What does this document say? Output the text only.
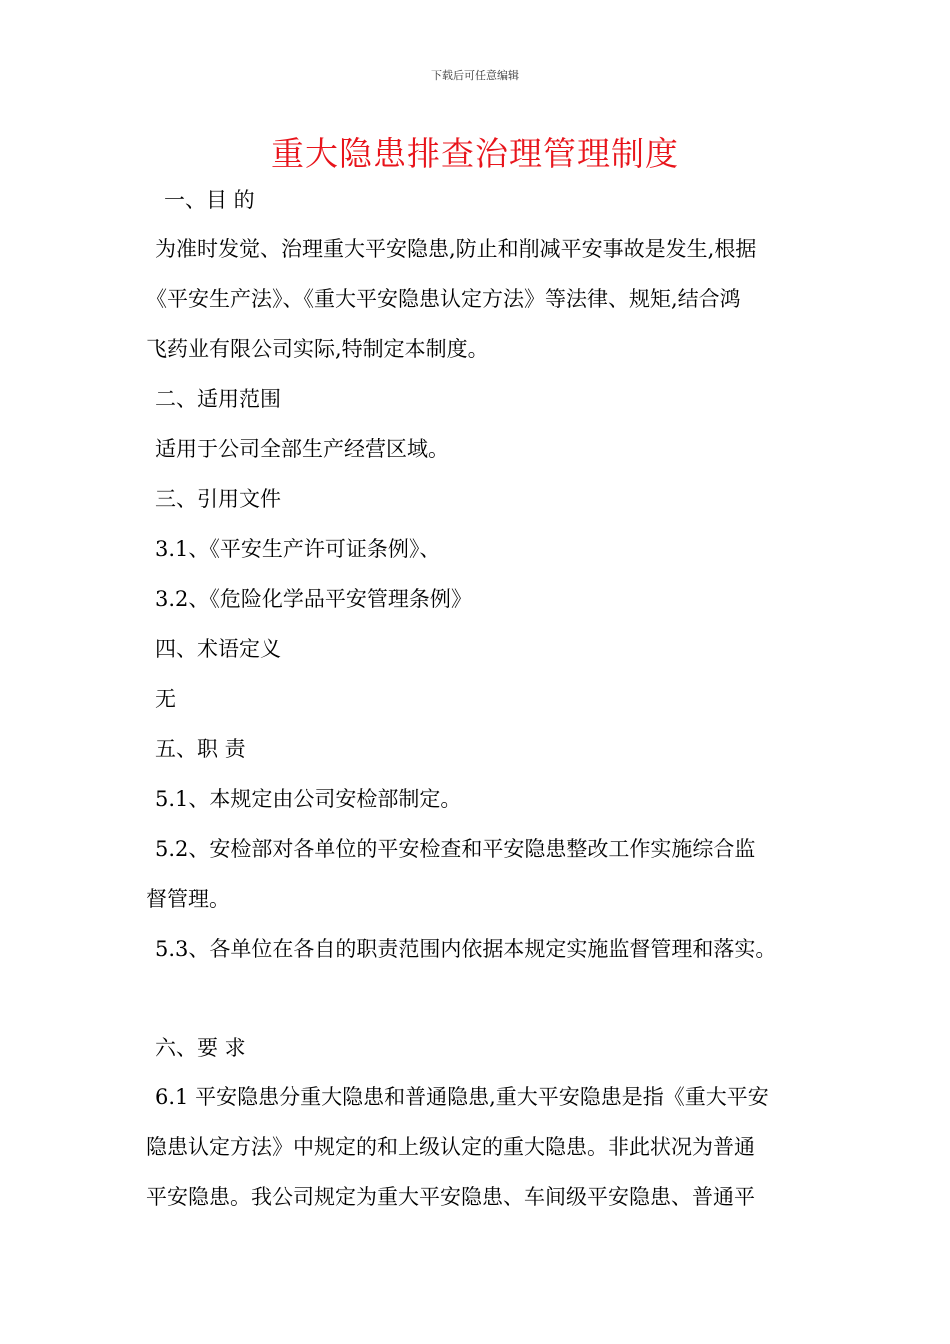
下载后可任意编辑
重大隐患排查治理管理制度
一、目 的
为准时发觉、治理重大平安隐患,防止和削减平安事故是发生,根据
《平安生产法》、《重大平安隐患认定方法》等法律、规矩,结合鸿
飞药业有限公司实际,特制定本制度。
二、适用范围
适用于公司全部生产经营区域。
三、引用文件
3.1、《平安生产许可证条例》、
3.2、《危险化学品平安管理条例》
四、术语定义
无
五、职 责
5.1、本规定由公司安检部制定。
5.2、安检部对各单位的平安检查和平安隐患整改工作实施综合监
督管理。
5.3、各单位在各自的职责范围内依据本规定实施监督管理和落实。
六、要 求
6.1 平安隐患分重大隐患和普通隐患,重大平安隐患是指《重大平安
隐患认定方法》中规定的和上级认定的重大隐患。非此状况为普通
平安隐患。我公司规定为重大平安隐患、车间级平安隐患、普通平
